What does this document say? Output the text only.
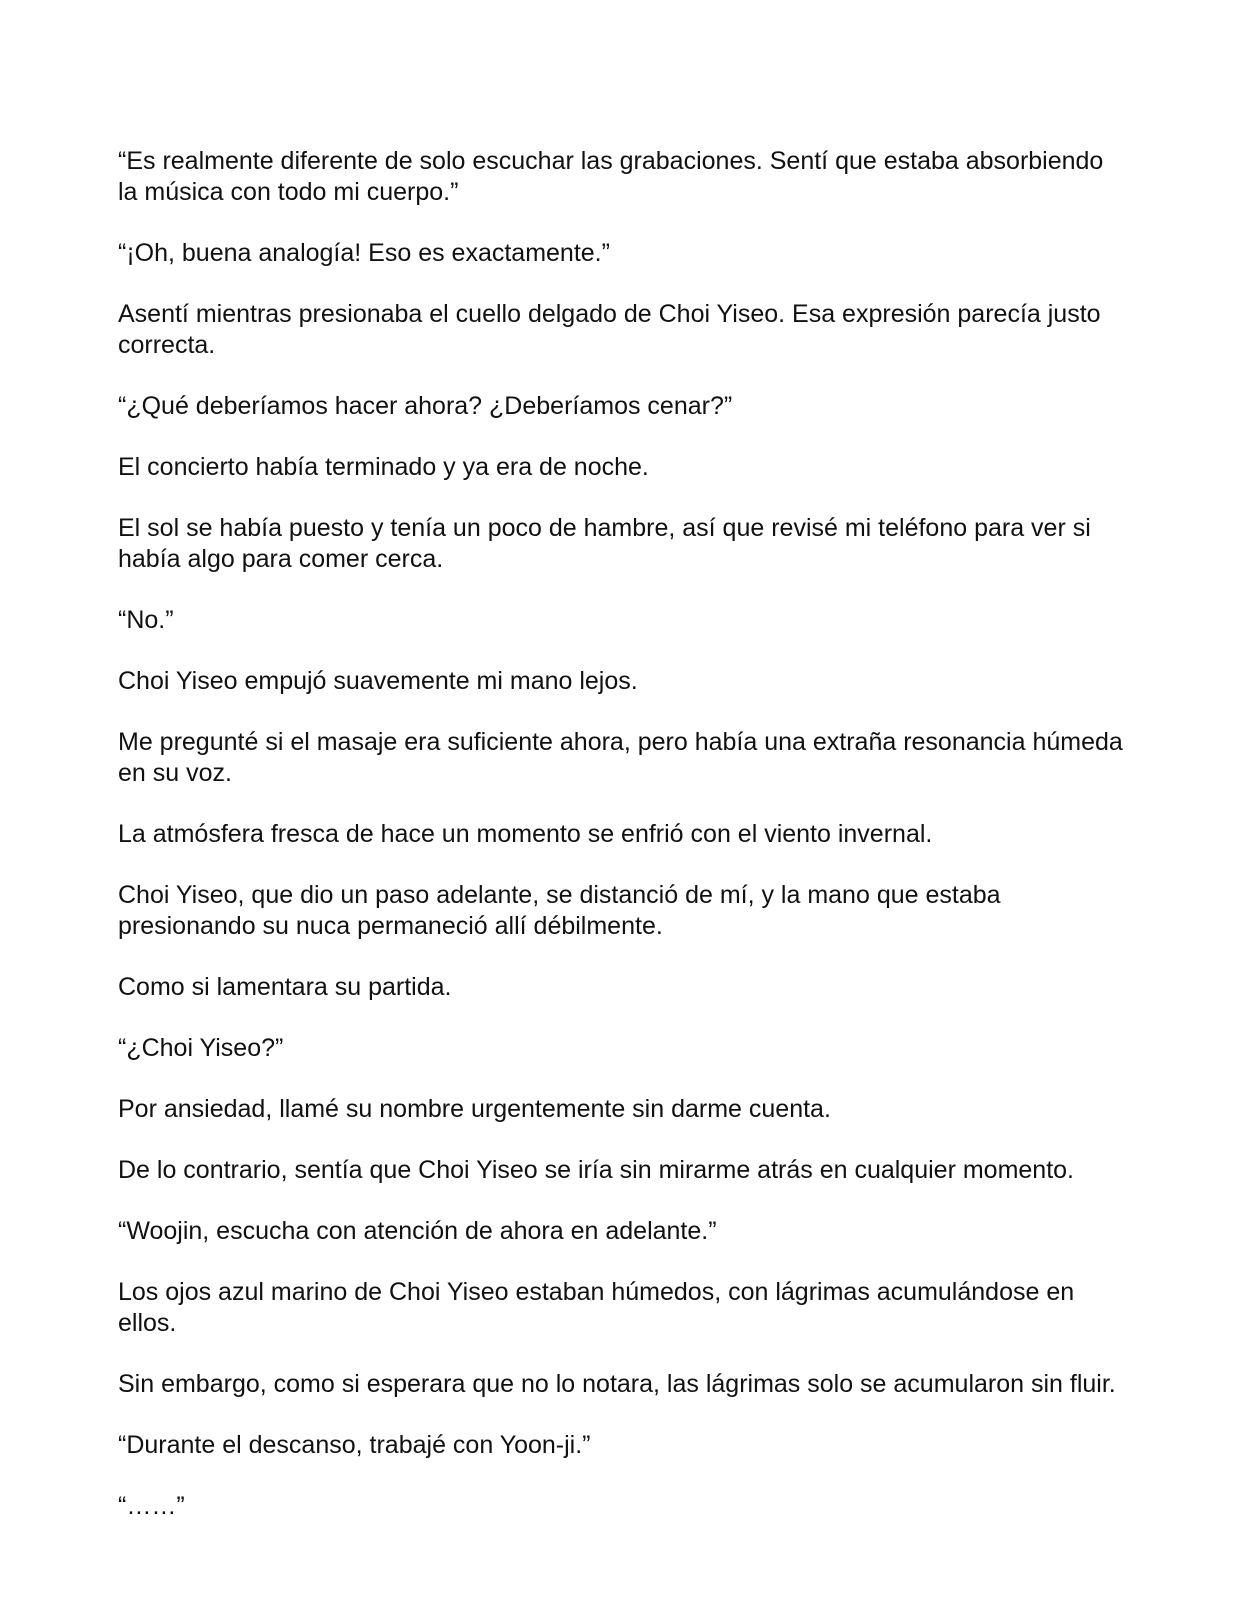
“Es realmente diferente de solo escuchar las grabaciones. Sentí que estaba absorbiendo la música con todo mi cuerpo.”

“¡Oh, buena analogía! Eso es exactamente.”

Asentí mientras presionaba el cuello delgado de Choi Yiseo. Esa expresión parecía justo correcta.

“¿Qué deberíamos hacer ahora? ¿Deberíamos cenar?”

El concierto había terminado y ya era de noche.

El sol se había puesto y tenía un poco de hambre, así que revisé mi teléfono para ver si había algo para comer cerca.

“No.”

Choi Yiseo empujó suavemente mi mano lejos.

Me pregunté si el masaje era suficiente ahora, pero había una extraña resonancia húmeda en su voz.

La atmósfera fresca de hace un momento se enfrió con el viento invernal.

Choi Yiseo, que dio un paso adelante, se distanció de mí, y la mano que estaba presionando su nuca permaneció allí débilmente.

Como si lamentara su partida.

“¿Choi Yiseo?”

Por ansiedad, llamé su nombre urgentemente sin darme cuenta.

De lo contrario, sentía que Choi Yiseo se iría sin mirarme atrás en cualquier momento.

“Woojin, escucha con atención de ahora en adelante.”

Los ojos azul marino de Choi Yiseo estaban húmedos, con lágrimas acumulándose en ellos.

Sin embargo, como si esperara que no lo notara, las lágrimas solo se acumularon sin fluir.

“Durante el descanso, trabajé con Yoon-ji.”

“……”
